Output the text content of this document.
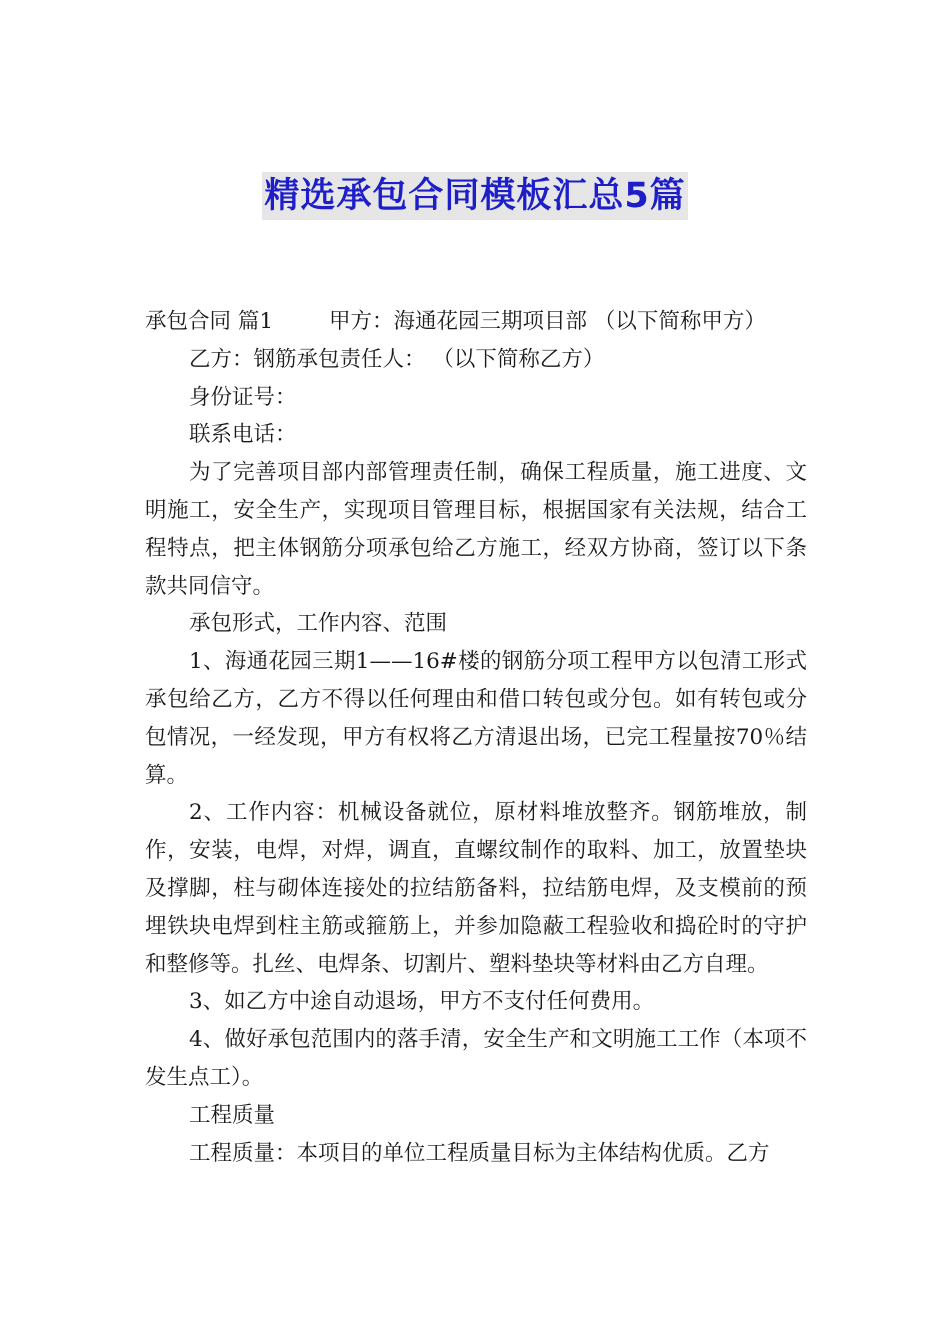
精选承包合同模板汇总5篇

承包合同 篇1	甲方：海通花园三期项目部 （以下简称甲方）

乙方：钢筋承包责任人： （以下简称乙方）

身份证号：

联系电话：

为了完善项目部内部管理责任制，确保工程质量，施工进度、文明施工，安全生产，实现项目管理目标，根据国家有关法规，结合工程特点，把主体钢筋分项承包给乙方施工，经双方协商，签订以下条款共同信守。

承包形式，工作内容、范围

1、海通花园三期1——16#楼的钢筋分项工程甲方以包清工形式承包给乙方，乙方不得以任何理由和借口转包或分包。如有转包或分包情况，一经发现，甲方有权将乙方清退出场，已完工程量按70％结算。

2、工作内容：机械设备就位，原材料堆放整齐。钢筋堆放，制作，安装，电焊，对焊，调直，直螺纹制作的取料、加工，放置垫块及撑脚，柱与砌体连接处的拉结筋备料，拉结筋电焊，及支模前的预埋铁块电焊到柱主筋或箍筋上，并参加隐蔽工程验收和捣砼时的守护和整修等。扎丝、电焊条、切割片、塑料垫块等材料由乙方自理。

3、如乙方中途自动退场，甲方不支付任何费用。

4、做好承包范围内的落手清，安全生产和文明施工工作（本项不发生点工）。

工程质量

工程质量：本项目的单位工程质量目标为主体结构优质。乙方
